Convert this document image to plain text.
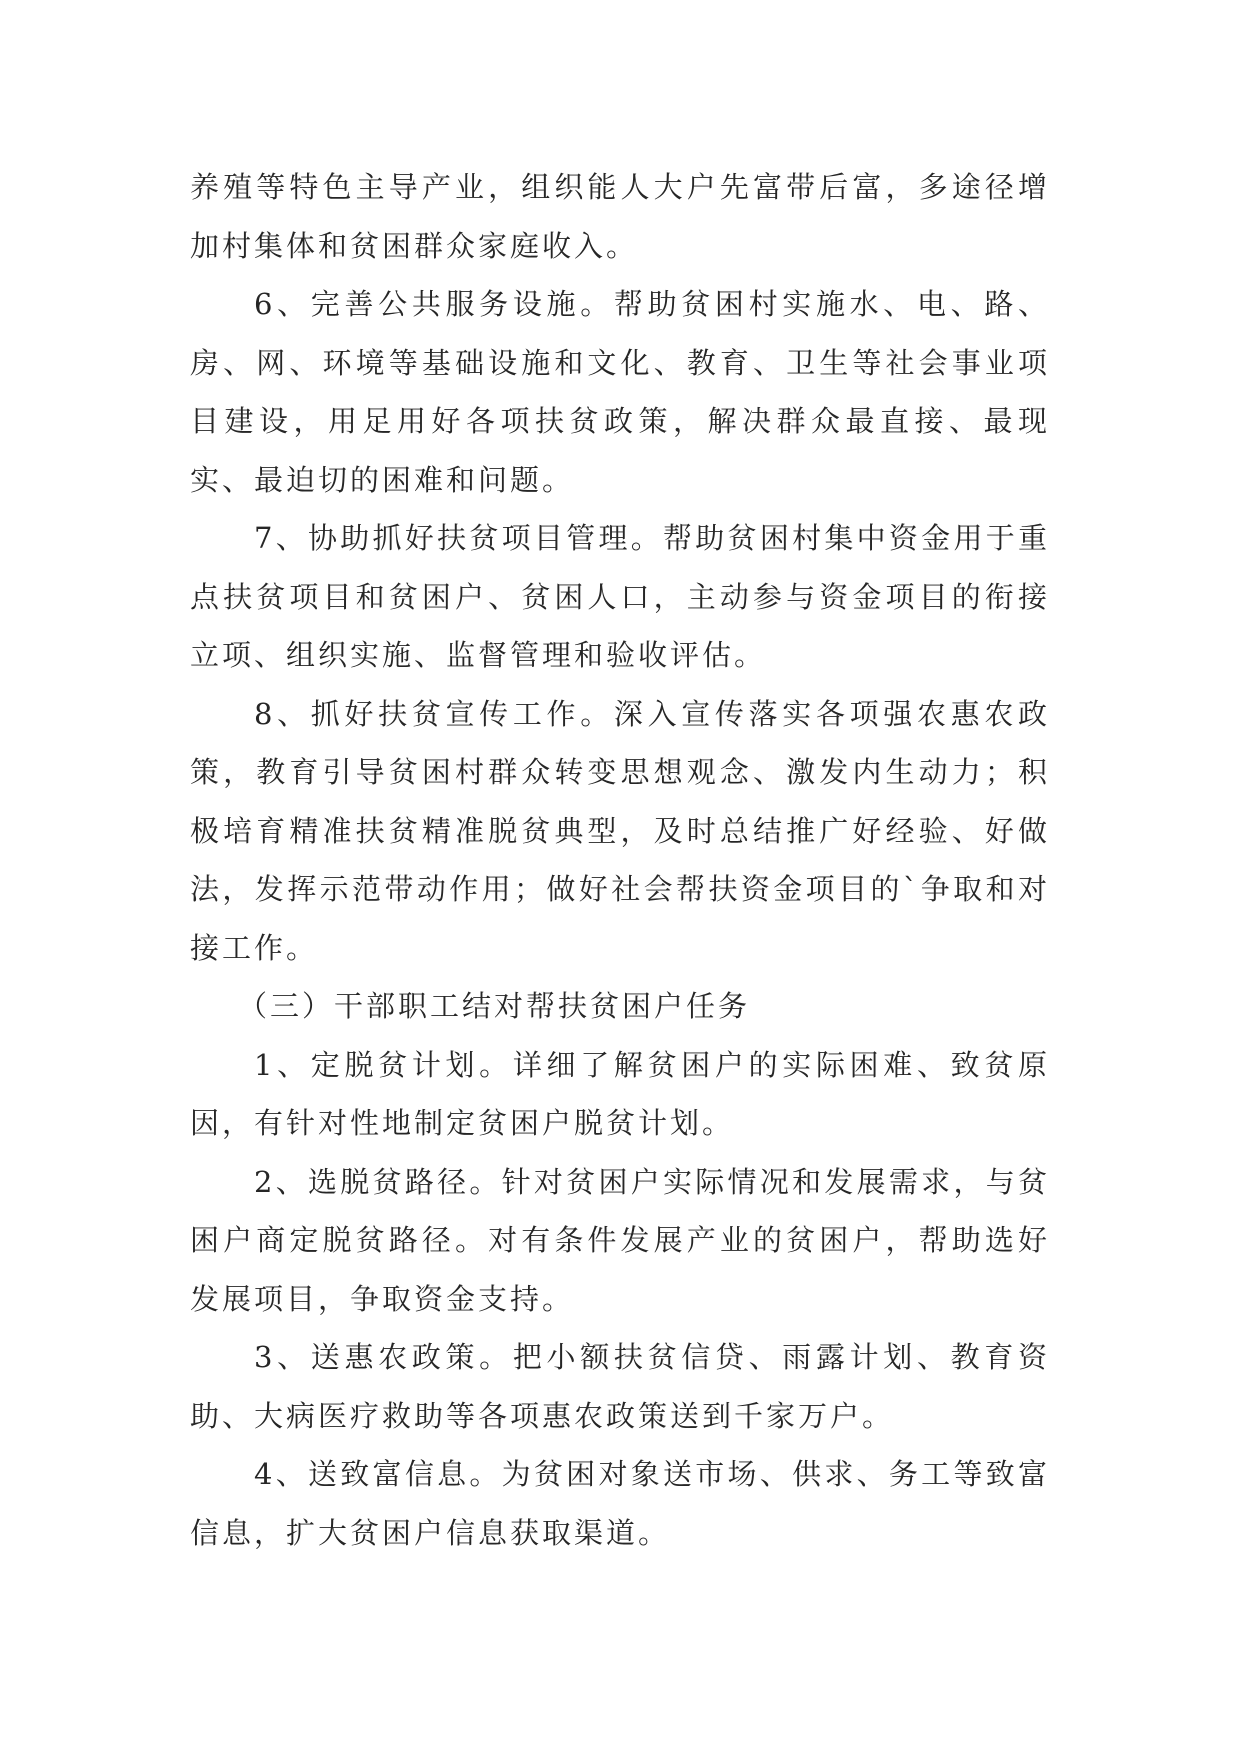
养殖等特色主导产业，组织能人大户先富带后富，多途径增加村集体和贫困群众家庭收入。

6、完善公共服务设施。帮助贫困村实施水、电、路、房、网、环境等基础设施和文化、教育、卫生等社会事业项目建设，用足用好各项扶贫政策，解决群众最直接、最现实、最迫切的困难和问题。

7、协助抓好扶贫项目管理。帮助贫困村集中资金用于重点扶贫项目和贫困户、贫困人口，主动参与资金项目的衔接立项、组织实施、监督管理和验收评估。

8、抓好扶贫宣传工作。深入宣传落实各项强农惠农政策，教育引导贫困村群众转变思想观念、激发内生动力；积极培育精准扶贫精准脱贫典型，及时总结推广好经验、好做法，发挥示范带动作用；做好社会帮扶资金项目的`争取和对接工作。

（三）干部职工结对帮扶贫困户任务

1、定脱贫计划。详细了解贫困户的实际困难、致贫原因，有针对性地制定贫困户脱贫计划。

2、选脱贫路径。针对贫困户实际情况和发展需求，与贫困户商定脱贫路径。对有条件发展产业的贫困户，帮助选好发展项目，争取资金支持。

3、送惠农政策。把小额扶贫信贷、雨露计划、教育资助、大病医疗救助等各项惠农政策送到千家万户。

4、送致富信息。为贫困对象送市场、供求、务工等致富信息，扩大贫困户信息获取渠道。
